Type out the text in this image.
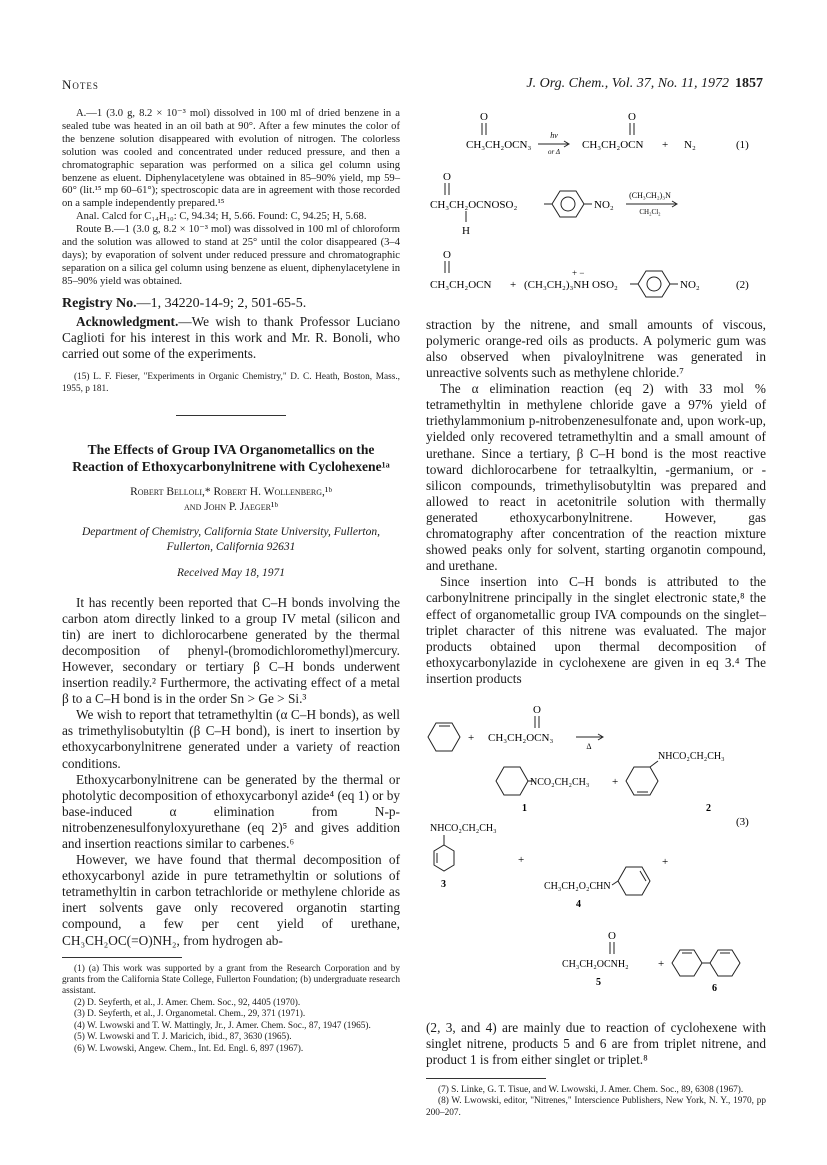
Notes	J. Org. Chem., Vol. 37, No. 11, 1972 1857

A.—1 (3.0 g, 8.2 × 10⁻³ mol) dissolved in 100 ml of dried benzene in a sealed tube was heated in an oil bath at 90°. After a few minutes the color of the benzene solution disappeared with evolution of nitrogen. The colorless solution was cooled and concentrated under reduced pressure, and then a chromatographic separation was performed on a silica gel column using benzene as eluent. Diphenylacetylene was obtained in 85–90% yield, mp 59–60° (lit.¹⁵ mp 60–61°); spectroscopic data are in agreement with those recorded on a sample independently prepared.¹⁵

Anal. Calcd for C₁₄H₁₀: C, 94.34; H, 5.66. Found: C, 94.25; H, 5.68.

Route B.—1 (3.0 g, 8.2 × 10⁻³ mol) was dissolved in 100 ml of chloroform and the solution was allowed to stand at 25° until the color disappeared (3–4 days); by evaporation of solvent under reduced pressure and chromatographic separation on a silica gel column using benzene as eluent, diphenylacetylene in 85–90% yield was obtained.

Registry No.—1, 34220-14-9; 2, 501-65-5.

Acknowledgment.—We wish to thank Professor Luciano Caglioti for his interest in this work and Mr. R. Bonoli, who carried out some of the experiments.

(15) L. F. Fieser, "Experiments in Organic Chemistry," D. C. Heath, Boston, Mass., 1955, p 181.

The Effects of Group IVA Organometallics on the Reaction of Ethoxycarbonylnitrene with Cyclohexene¹ᵃ
Robert Belloli,* Robert H. Wollenberg,¹ᵇ
and John P. Jaeger¹ᵇ
Department of Chemistry, California State University, Fullerton, Fullerton, California 92631
Received May 18, 1971

It has recently been reported that C–H bonds involving the carbon atom directly linked to a group IV metal (silicon and tin) are inert to dichlorocarbene generated by the thermal decomposition of phenyl-(bromodichloromethyl)mercury. However, secondary or tertiary β C–H bonds underwent insertion readily.² Furthermore, the activating effect of a metal β to a C–H bond is in the order Sn > Ge > Si.³

We wish to report that tetramethyltin (α C–H bonds), as well as trimethylisobutyltin (β C–H bond), is inert to insertion by ethoxycarbonylnitrene generated under a variety of reaction conditions.

Ethoxycarbonylnitrene can be generated by the thermal or photolytic decomposition of ethoxycarbonyl azide⁴ (eq 1) or by base-induced α elimination from N-p-nitrobenzenesulfonyloxyurethane (eq 2)⁵ and gives addition and insertion reactions similar to carbenes.⁶

However, we have found that thermal decomposition of ethoxycarbonyl azide in pure tetramethyltin or solutions of tetramethyltin in carbon tetrachloride or methylene chloride as inert solvents gave only recovered organotin starting compound, a few per cent yield of urethane, CH₃CH₂OC(=O)NH₂, from hydrogen ab-

(1) (a) This work was supported by a grant from the Research Corporation and by grants from the California State College, Fullerton Foundation; (b) undergraduate research assistant.

(2) D. Seyferth, et al., J. Amer. Chem. Soc., 92, 4405 (1970).

(3) D. Seyferth, et al., J. Organometal. Chem., 29, 371 (1971).

(4) W. Lwowski and T. W. Mattingly, Jr., J. Amer. Chem. Soc., 87, 1947 (1965).

(5) W. Lwowski and T. J. Maricich, ibid., 87, 3630 (1965).

(6) W. Lwowski, Angew. Chem., Int. Ed. Engl. 6, 897 (1967).

O
CH₃CH₂OCN₃
hν
or Δ
O
CH₃CH₂OCN + N₂	(1)

O
CH₃CH₂OCNOSO₂	NO₂
(CH₃CH₂)₃N
CH₂Cl₂
H
O
CH₃CH₂OCN +
+ −
(CH₃CH₂)₃NH OSO₂	NO₂	(2)

straction by the nitrene, and small amounts of viscous, polymeric orange-red oils as products. A polymeric gum was also observed when pivaloylnitrene was generated in unreactive solvents such as methylene chloride.⁷

The α elimination reaction (eq 2) with 33 mol % tetramethyltin in methylene chloride gave a 97% yield of triethylammonium p-nitrobenzenesulfonate and, upon work-up, yielded only recovered tetramethyltin and a small amount of urethane. Since a tertiary, β C–H bond is the most reactive toward dichlorocarbene for tetraalkyltin, -germanium, or -silicon compounds, trimethylisobutyltin was prepared and allowed to react in acetonitrile solution with thermally generated ethoxycarbonylnitrene. However, gas chromatography after concentration of the reaction mixture showed peaks only for solvent, starting organotin compound, and urethane.

Since insertion into C–H bonds is attributed to the carbonylnitrene principally in the singlet electronic state,⁸ the effect of organometallic group IVA compounds on the singlet–triplet character of this nitrene was evaluated. The major products obtained upon thermal decomposition of ethoxycarbonylazide in cyclohexene are given in eq 3.⁴ The insertion products

+
O
CH₃CH₂OCN₃
Δ
NCO₂CH₂CH₃
1
+
NHCO₂CH₂CH₃
2
(3)
NHCO₂CH₂CH₃
3
+
CH₃CH₂O₂CHN
+
4

O
CH₃CH₂OCNH₂
5
+
6

(2, 3, and 4) are mainly due to reaction of cyclohexene with singlet nitrene, products 5 and 6 are from triplet nitrene, and product 1 is from either singlet or triplet.⁸

(7) S. Linke, G. T. Tisue, and W. Lwowski, J. Amer. Chem. Soc., 89, 6308 (1967).

(8) W. Lwowski, editor, "Nitrenes," Interscience Publishers, New York, N. Y., 1970, pp 200–207.
